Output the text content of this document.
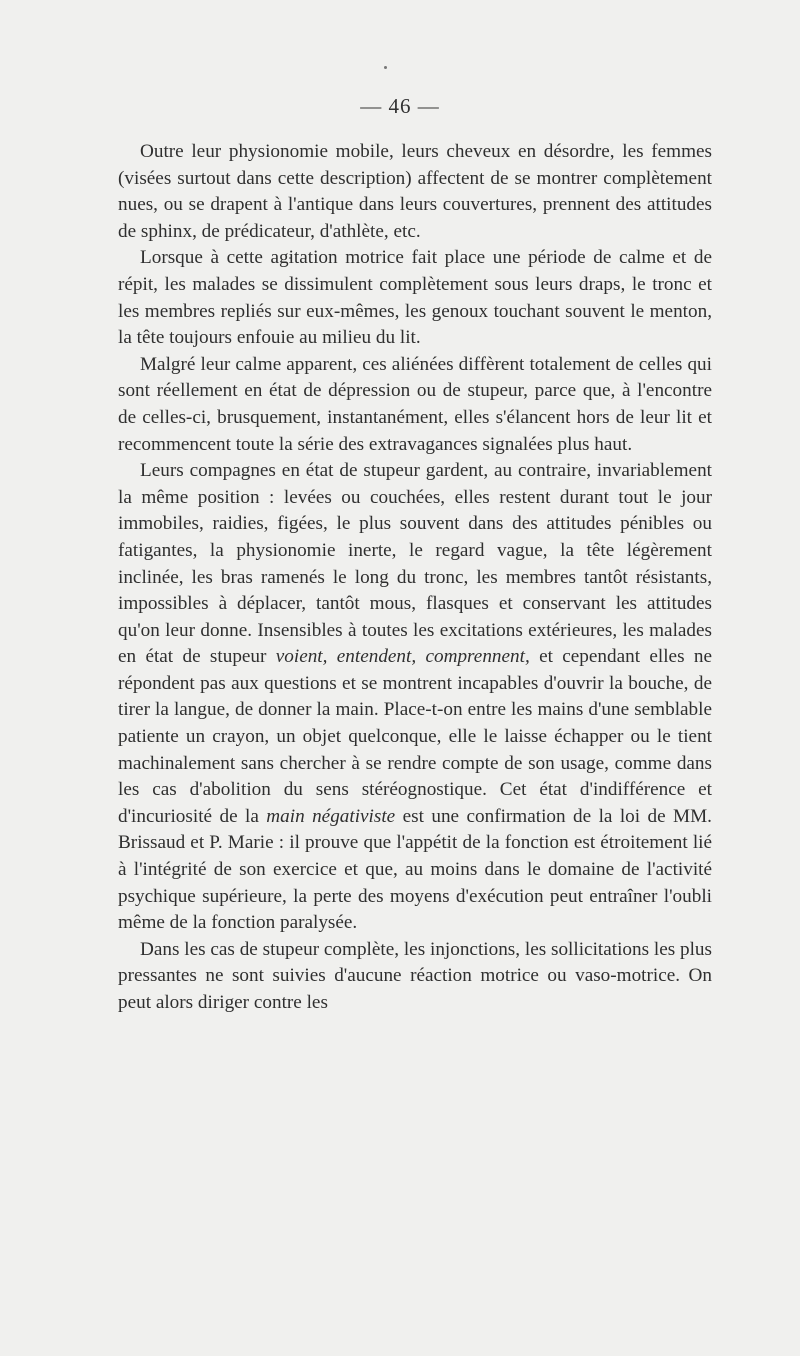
— 46 —

Outre leur physionomie mobile, leurs cheveux en désordre, les femmes (visées surtout dans cette description) affectent de se montrer complètement nues, ou se drapent à l'antique dans leurs couvertures, prennent des attitudes de sphinx, de prédicateur, d'athlète, etc.

Lorsque à cette agitation motrice fait place une période de calme et de répit, les malades se dissimulent complètement sous leurs draps, le tronc et les membres repliés sur eux-mêmes, les genoux touchant souvent le menton, la tête toujours enfouie au milieu du lit.

Malgré leur calme apparent, ces aliénées diffèrent totalement de celles qui sont réellement en état de dépression ou de stupeur, parce que, à l'encontre de celles-ci, brusquement, instantanément, elles s'élancent hors de leur lit et recommencent toute la série des extravagances signalées plus haut.

Leurs compagnes en état de stupeur gardent, au contraire, invariablement la même position : levées ou couchées, elles restent durant tout le jour immobiles, raidies, figées, le plus souvent dans des attitudes pénibles ou fatigantes, la physionomie inerte, le regard vague, la tête légèrement inclinée, les bras ramenés le long du tronc, les membres tantôt résistants, impossibles à déplacer, tantôt mous, flasques et conservant les attitudes qu'on leur donne. Insensibles à toutes les excitations extérieures, les malades en état de stupeur voient, entendent, comprennent, et cependant elles ne répondent pas aux questions et se montrent incapables d'ouvrir la bouche, de tirer la langue, de donner la main. Place-t-on entre les mains d'une semblable patiente un crayon, un objet quelconque, elle le laisse échapper ou le tient machinalement sans chercher à se rendre compte de son usage, comme dans les cas d'abolition du sens stéréognostique. Cet état d'indifférence et d'incuriosité de la main négativiste est une confirmation de la loi de MM. Brissaud et P. Marie : il prouve que l'appétit de la fonction est étroitement lié à l'intégrité de son exercice et que, au moins dans le domaine de l'activité psychique supérieure, la perte des moyens d'exécution peut entraîner l'oubli même de la fonction paralysée.

Dans les cas de stupeur complète, les injonctions, les sollicitations les plus pressantes ne sont suivies d'aucune réaction motrice ou vaso-motrice. On peut alors diriger contre les
